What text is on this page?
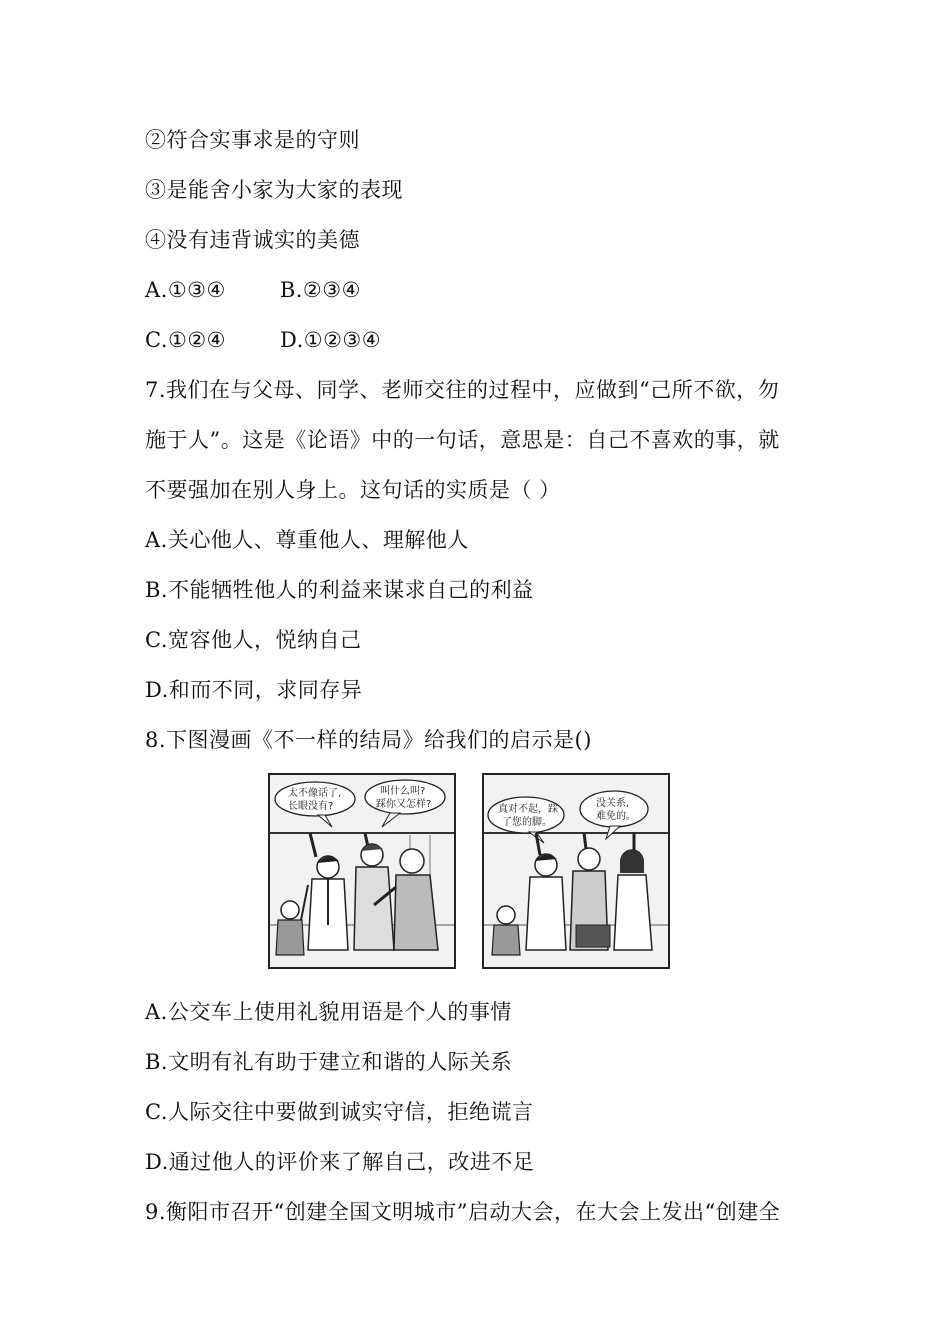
②符合实事求是的守则
③是能舍小家为大家的表现
④没有违背诚实的美德
A.①③④	B.②③④
C.①②④	D.①②③④
7.我们在与父母、同学、老师交往的过程中，应做到“己所不欲，勿
施于人”。这是《论语》中的一句话，意思是：自己不喜欢的事，就
不要强加在别人身上。这句话的实质是（ ）
A.关心他人、尊重他人、理解他人
B.不能牺牲他人的利益来谋求自己的利益
C.宽容他人，悦纳自己
D.和而不同，求同存异
8.下图漫画《不一样的结局》给我们的启示是()
太不像话了,
长眼没有?
叫什么叫?
踩你又怎样?	真对不起，踩
了您的脚。
没关系,
难免的。
A.公交车上使用礼貌用语是个人的事情
B.文明有礼有助于建立和谐的人际关系
C.人际交往中要做到诚实守信，拒绝谎言
D.通过他人的评价来了解自己，改进不足
9.衡阳市召开“创建全国文明城市”启动大会，在大会上发出“创建全
